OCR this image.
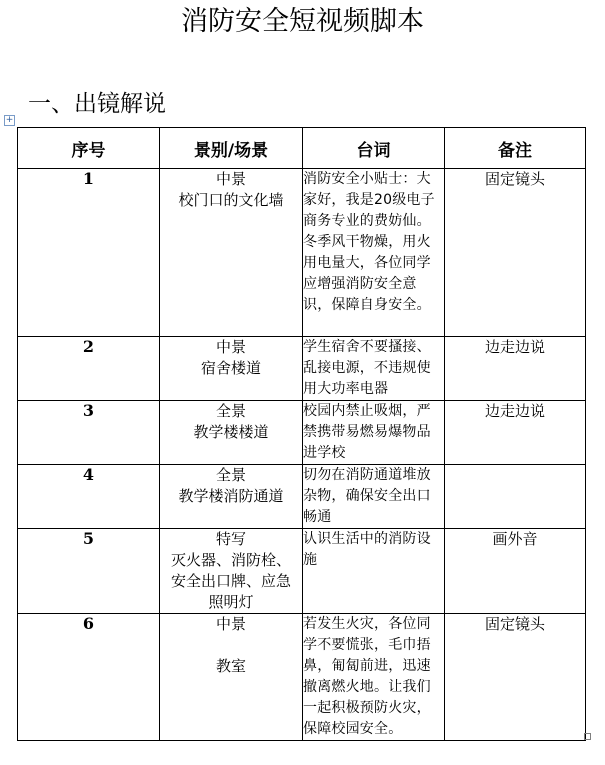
消防安全短视频脚本
一、出镜解说
+
序号	景别/场景	台词	备注
1	中景
校门口的文化墙	消防安全小贴士：大家好，我是20级电子商务专业的费妨仙。冬季风干物燥，用火用电量大，各位同学应增强消防安全意识，保障自身安全。	固定镜头
2	中景
宿舍楼道	学生宿舍不要搔接、乱接电源，不违规使用大功率电器	边走边说
3	全景
教学楼楼道	校园内禁止吸烟，严禁携带易燃易爆物品进学校	边走边说
4	全景
教学楼消防通道	切勿在消防通道堆放杂物，确保安全出口畅通	
5	特写
灭火器、消防栓、
安全出口牌、应急
照明灯	认识生活中的消防设施	画外音
6	中景
教室	若发生火灾，各位同学不要慌张，毛巾捂鼻，匍匐前进，迅速撤离燃火地。让我们一起积极预防火灾，保障校园安全。	固定镜头
